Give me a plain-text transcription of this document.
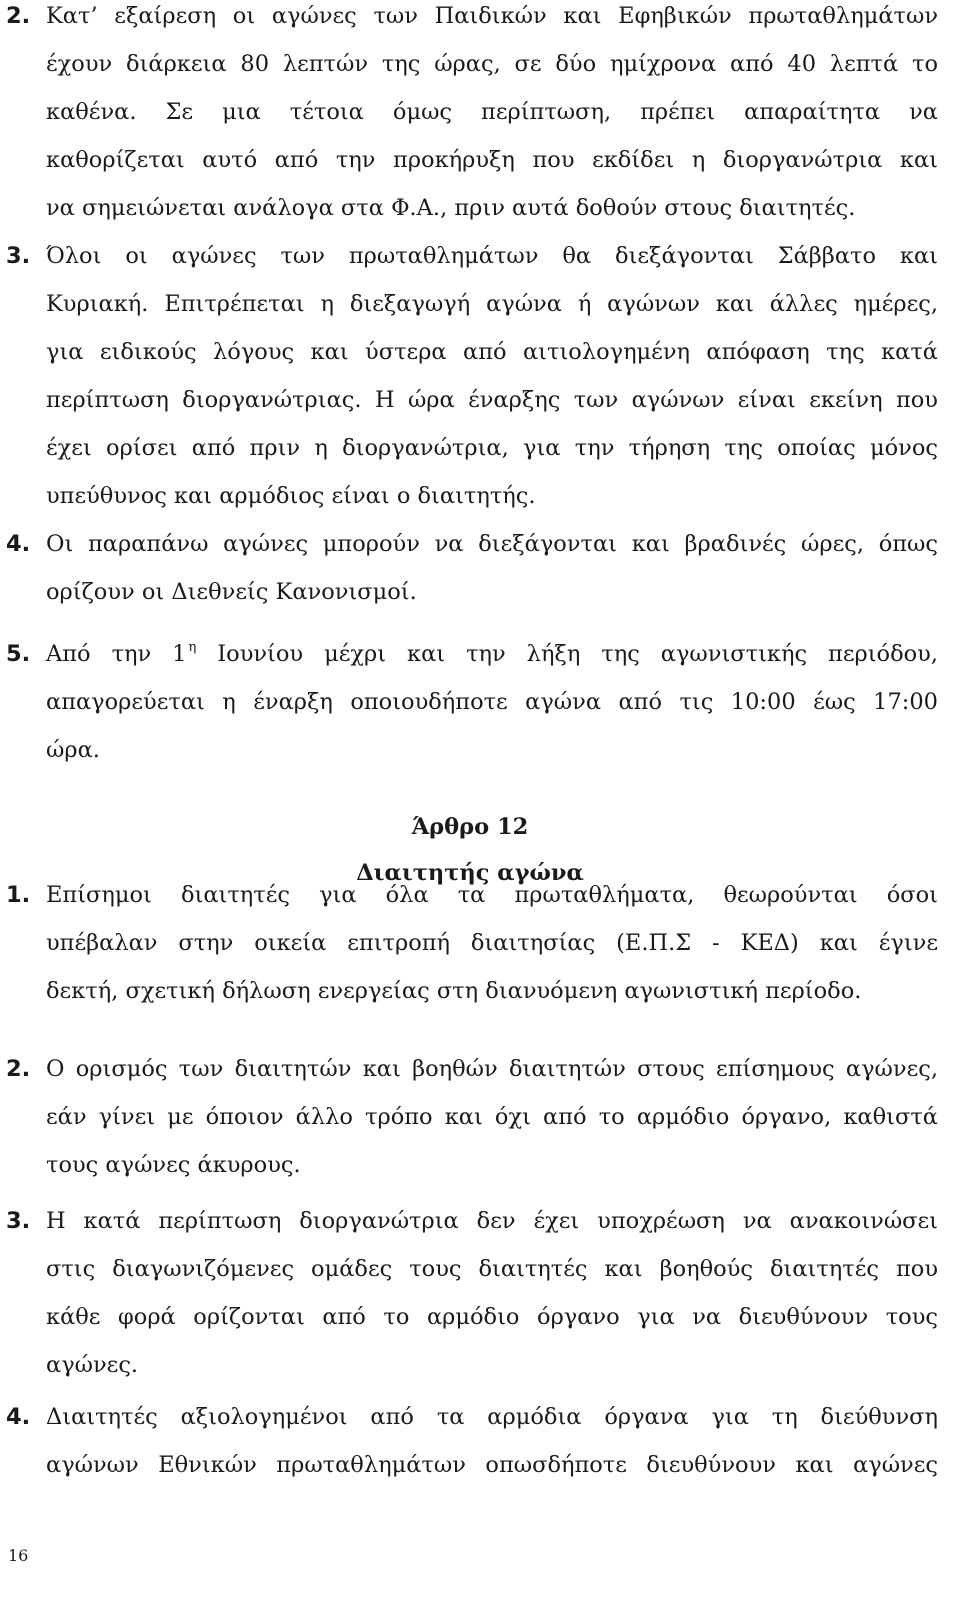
2. Κατ’ εξαίρεση οι αγώνες των Παιδικών και Εφηβικών πρωταθλημάτων
έχουν διάρκεια 80 λεπτών της ώρας, σε δύο ημίχρονα από 40 λεπτά το
καθένα. Σε μια τέτοια όμως περίπτωση, πρέπει απαραίτητα να
καθορίζεται αυτό από την προκήρυξη που εκδίδει η διοργανώτρια και
να σημειώνεται ανάλογα στα Φ.Α., πριν αυτά δοθούν στους διαιτητές.
3. Όλοι οι αγώνες των πρωταθλημάτων θα διεξάγονται Σάββατο και
Κυριακή. Επιτρέπεται η διεξαγωγή αγώνα ή αγώνων και άλλες ημέρες,
για ειδικούς λόγους και ύστερα από αιτιολογημένη απόφαση της κατά
περίπτωση διοργανώτριας. Η ώρα έναρξης των αγώνων είναι εκείνη που
έχει ορίσει από πριν η διοργανώτρια, για την τήρηση της οποίας μόνος
υπεύθυνος και αρμόδιος είναι ο διαιτητής.
4. Οι παραπάνω αγώνες μπορούν να διεξάγονται και βραδινές ώρες, όπως
ορίζουν οι Διεθνείς Κανονισμοί.
5. Από την 1 $^\eta$ Ιουνίου μέχρι και την λήξη της αγωνιστικής περιόδου,
απαγορεύεται η έναρξη οποιουδήποτε αγώνα από τις 10:00 έως 17:00
ώρα.
Άρθρο 12
Διαιτητής αγώνα
1. Επίσημοι διαιτητές για όλα τα πρωταθλήματα, θεωρούνται όσοι
υπέβαλαν στην οικεία επιτροπή διαιτησίας (Ε.Π.Σ - ΚΕΔ) και έγινε
δεκτή, σχετική δήλωση ενεργείας στη διανυόμενη αγωνιστική περίοδο.
2. Ο ορισμός των διαιτητών και βοηθών διαιτητών στους επίσημους αγώνες,
εάν γίνει με όποιον άλλο τρόπο και όχι από το αρμόδιο όργανο, καθιστά
τους αγώνες άκυρους.
3. Η κατά περίπτωση διοργανώτρια δεν έχει υποχρέωση να ανακοινώσει
στις διαγωνιζόμενες ομάδες τους διαιτητές και βοηθούς διαιτητές που
κάθε φορά ορίζονται από το αρμόδιο όργανο για να διευθύνουν τους
αγώνες.
4. Διαιτητές αξιολογημένοι από τα αρμόδια όργανα για τη διεύθυνση
αγώνων Εθνικών πρωταθλημάτων οπωσδήποτε διευθύνουν και αγώνες
16
